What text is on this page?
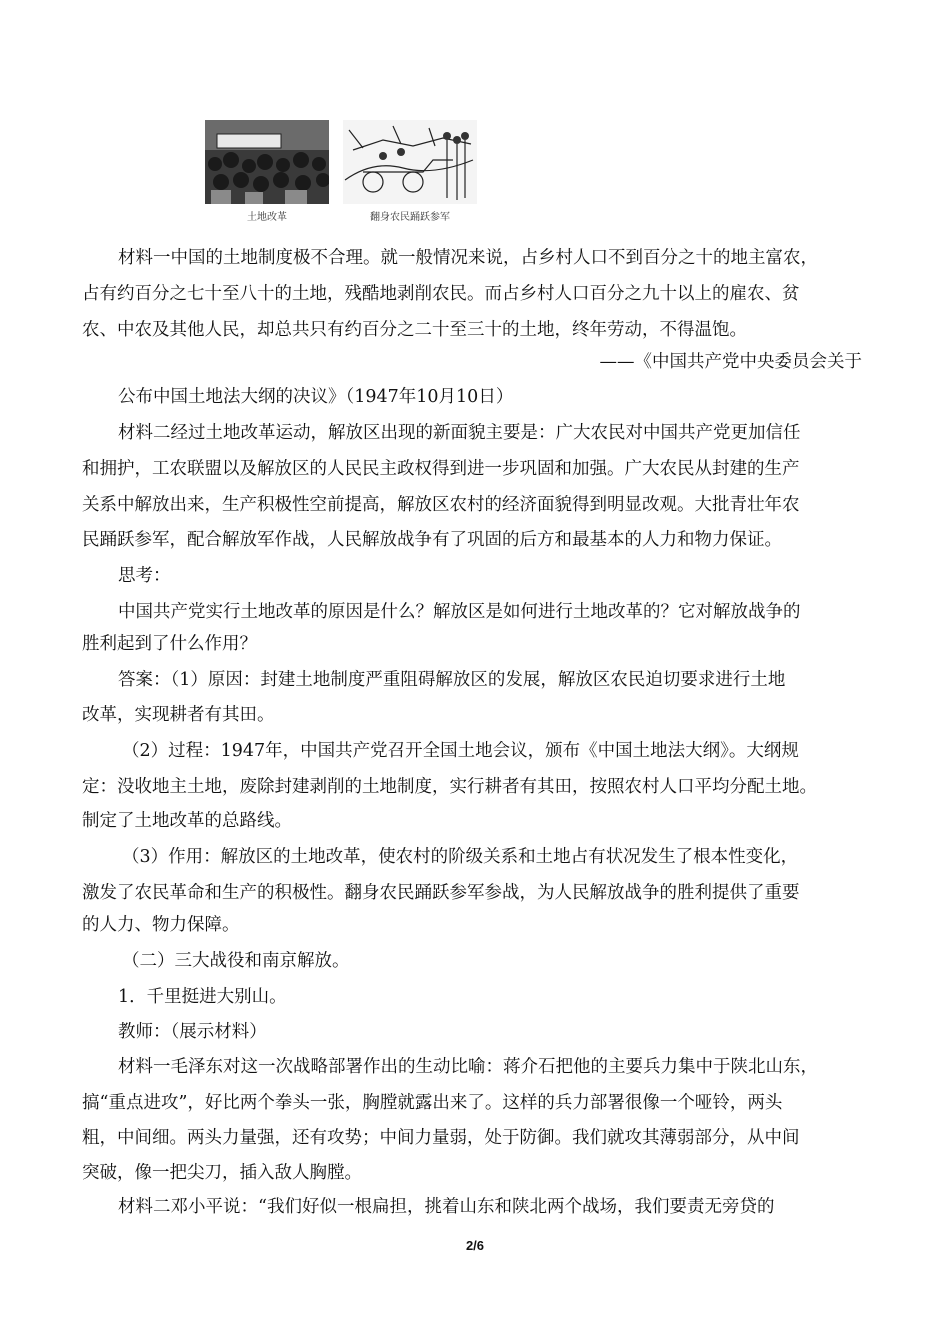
土地改革	翻身农民踊跃参军
材料一中国的土地制度极不合理。就一般情况来说，占乡村人口不到百分之十的地主富农，
占有约百分之七十至八十的土地，残酷地剥削农民。而占乡村人口百分之九十以上的雇农、贫
农、中农及其他人民，却总共只有约百分之二十至三十的土地，终年劳动，不得温饱。
——《中国共产党中央委员会关于
公布中国土地法大纲的决议》（1947年10月10日）
材料二经过土地改革运动，解放区出现的新面貌主要是：广大农民对中国共产党更加信任
和拥护，工农联盟以及解放区的人民民主政权得到进一步巩固和加强。广大农民从封建的生产
关系中解放出来，生产积极性空前提高，解放区农村的经济面貌得到明显改观。大批青壮年农
民踊跃参军，配合解放军作战，人民解放战争有了巩固的后方和最基本的人力和物力保证。
思考：
中国共产党实行土地改革的原因是什么？解放区是如何进行土地改革的？它对解放战争的
胜利起到了什么作用？
答案：（1）原因：封建土地制度严重阻碍解放区的发展，解放区农民迫切要求进行土地
改革，实现耕者有其田。
（2）过程：1947年，中国共产党召开全国土地会议，颁布《中国土地法大纲》。大纲规
定：没收地主土地，废除封建剥削的土地制度，实行耕者有其田，按照农村人口平均分配土地。
制定了土地改革的总路线。
（3）作用：解放区的土地改革，使农村的阶级关系和土地占有状况发生了根本性变化，
激发了农民革命和生产的积极性。翻身农民踊跃参军参战，为人民解放战争的胜利提供了重要
的人力、物力保障。
（二）三大战役和南京解放。
1．千里挺进大别山。
教师：（展示材料）
材料一毛泽东对这一次战略部署作出的生动比喻：蒋介石把他的主要兵力集中于陕北山东，
搞“重点进攻”，好比两个拳头一张，胸膛就露出来了。这样的兵力部署很像一个哑铃，两头
粗，中间细。两头力量强，还有攻势；中间力量弱，处于防御。我们就攻其薄弱部分，从中间
突破，像一把尖刀，插入敌人胸膛。
材料二邓小平说：“我们好似一根扁担，挑着山东和陕北两个战场，我们要责无旁贷的
2/6
